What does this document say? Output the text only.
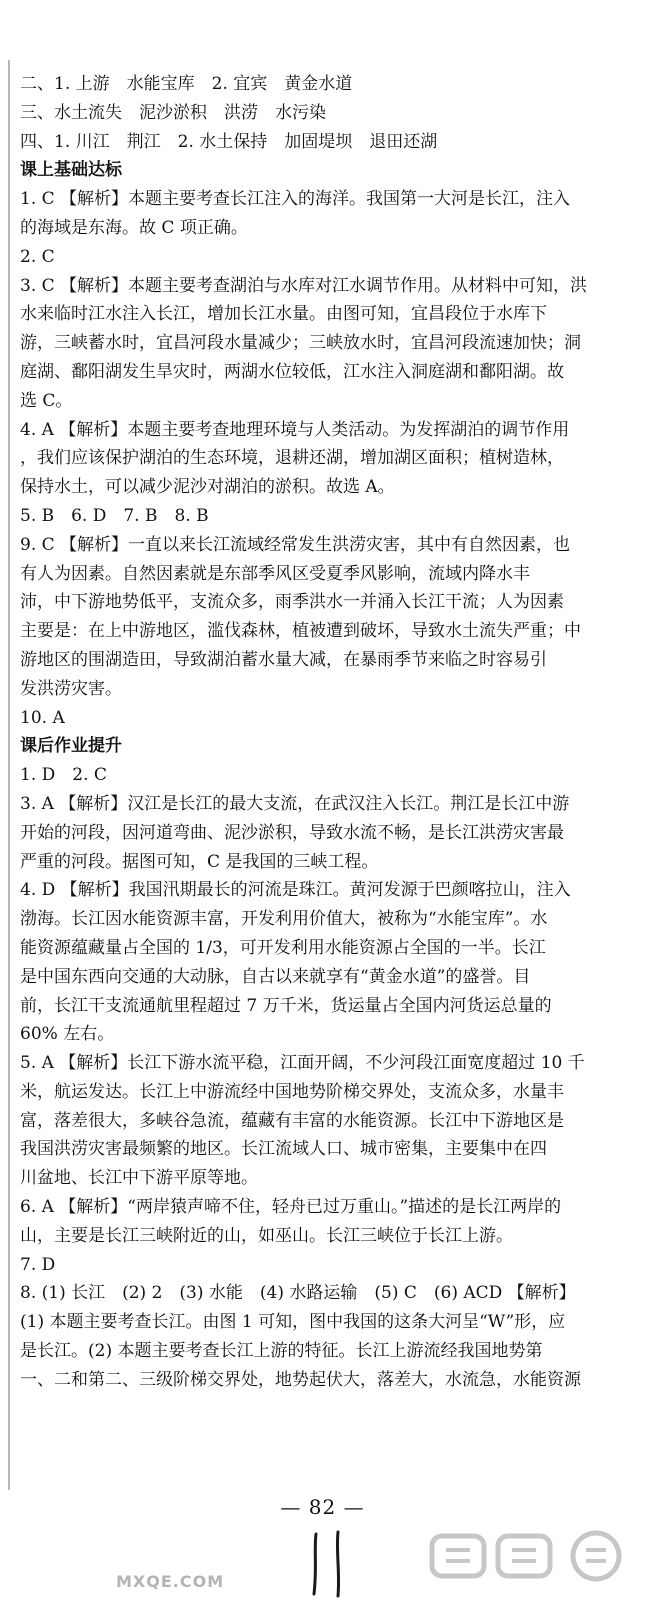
二、1. 上游　水能宝库　2. 宜宾　黄金水道

三、水土流失　泥沙淤积　洪涝　水污染

四、1. 川江　荆江　2. 水土保持　加固堤坝　退田还湖

课上基础达标

1. C 【解析】本题主要考查长江注入的海洋。我国第一大河是长江，注入

的海域是东海。故 C 项正确。

2. C

3. C 【解析】本题主要考查湖泊与水库对江水调节作用。从材料中可知，洪

水来临时江水注入长江，增加长江水量。由图可知，宜昌段位于水库下

游，三峡蓄水时，宜昌河段水量减少；三峡放水时，宜昌河段流速加快；洞

庭湖、鄱阳湖发生旱灾时，两湖水位较低，江水注入洞庭湖和鄱阳湖。故

选 C。

4. A 【解析】本题主要考查地理环境与人类活动。为发挥湖泊的调节作用

，我们应该保护湖泊的生态环境，退耕还湖，增加湖区面积；植树造林，

保持水土，可以减少泥沙对湖泊的淤积。故选 A。

5. B　6. D　7. B　8. B

9. C 【解析】一直以来长江流域经常发生洪涝灾害，其中有自然因素，也

有人为因素。自然因素就是东部季风区受夏季风影响，流域内降水丰

沛，中下游地势低平，支流众多，雨季洪水一并涌入长江干流；人为因素

主要是：在上中游地区，滥伐森林，植被遭到破坏，导致水土流失严重；中

游地区的围湖造田，导致湖泊蓄水量大减，在暴雨季节来临之时容易引

发洪涝灾害。

10. A

课后作业提升

1. D　2. C

3. A 【解析】汉江是长江的最大支流，在武汉注入长江。荆江是长江中游

开始的河段，因河道弯曲、泥沙淤积，导致水流不畅，是长江洪涝灾害最

严重的河段。据图可知，C 是我国的三峡工程。

4. D 【解析】我国汛期最长的河流是珠江。黄河发源于巴颜喀拉山，注入

渤海。长江因水能资源丰富，开发利用价值大，被称为“水能宝库”。水

能资源蕴藏量占全国的 1/3，可开发利用水能资源占全国的一半。长江

是中国东西向交通的大动脉，自古以来就享有“黄金水道”的盛誉。目

前，长江干支流通航里程超过 7 万千米，货运量占全国内河货运总量的

60% 左右。

5. A 【解析】长江下游水流平稳，江面开阔，不少河段江面宽度超过 10 千

米，航运发达。长江上中游流经中国地势阶梯交界处，支流众多，水量丰

富，落差很大，多峡谷急流，蕴藏有丰富的水能资源。长江中下游地区是

我国洪涝灾害最频繁的地区。长江流域人口、城市密集，主要集中在四

川盆地、长江中下游平原等地。

6. A 【解析】“两岸猿声啼不住，轻舟已过万重山。”描述的是长江两岸的

山，主要是长江三峡附近的山，如巫山。长江三峡位于长江上游。

7. D

8. (1) 长江　(2) 2　(3) 水能　(4) 水路运输　(5) C　(6) ACD 【解析】

(1) 本题主要考查长江。由图 1 可知，图中我国的这条大河呈“W”形，应

是长江。(2) 本题主要考查长江上游的特征。长江上游流经我国地势第

一、二和第二、三级阶梯交界处，地势起伏大，落差大，水流急，水能资源

— 82 —
MXQE.COM
